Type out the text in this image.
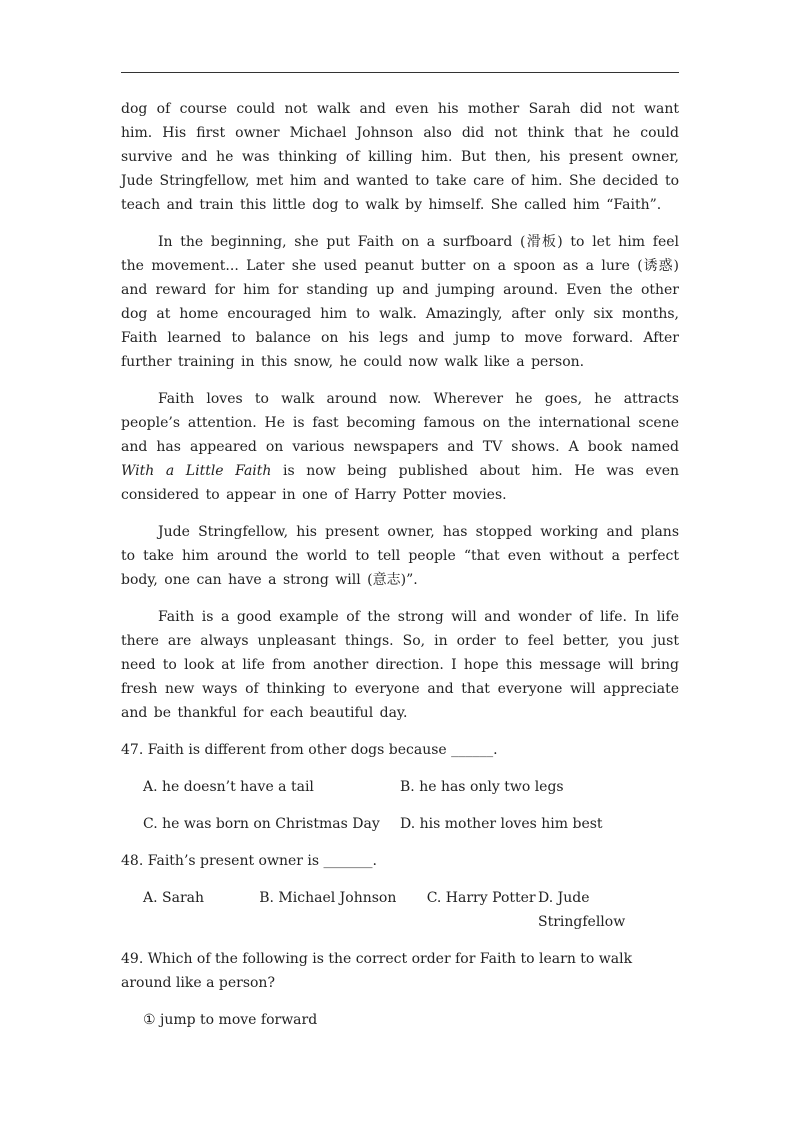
dog of course could not walk and even his mother Sarah did not want him. His first owner Michael Johnson also did not think that he could survive and he was thinking of killing him. But then, his present owner, Jude Stringfellow, met him and wanted to take care of him. She decided to teach and train this little dog to walk by himself. She called him “Faith”.

In the beginning, she put Faith on a surfboard (滑板) to let him feel the movement... Later she used peanut butter on a spoon as a lure (诱惑) and reward for him for standing up and jumping around. Even the other dog at home encouraged him to walk. Amazingly, after only six months, Faith learned to balance on his legs and jump to move forward. After further training in this snow, he could now walk like a person.

Faith loves to walk around now. Wherever he goes, he attracts people’s attention. He is fast becoming famous on the international scene and has appeared on various newspapers and TV shows. A book named With a Little Faith is now being published about him. He was even considered to appear in one of Harry Potter movies.

Jude Stringfellow, his present owner, has stopped working and plans to take him around the world to tell people “that even without a perfect body, one can have a strong will (意志)”.

Faith is a good example of the strong will and wonder of life. In life there are always unpleasant things. So, in order to feel better, you just need to look at life from another direction. I hope this message will bring fresh new ways of thinking to everyone and that everyone will appreciate and be thankful for each beautiful day.

47. Faith is different from other dogs because ______.

A. he doesn’t have a tail	B. he has only two legs
C. he was born on Christmas Day	D. his mother loves him best

48. Faith’s present owner is _______.

A. Sarah	B. Michael Johnson	C. Harry Potter D. Jude Stringfellow

49. Which of the following is the correct order for Faith to learn to walk around like a person?

① jump to move forward
